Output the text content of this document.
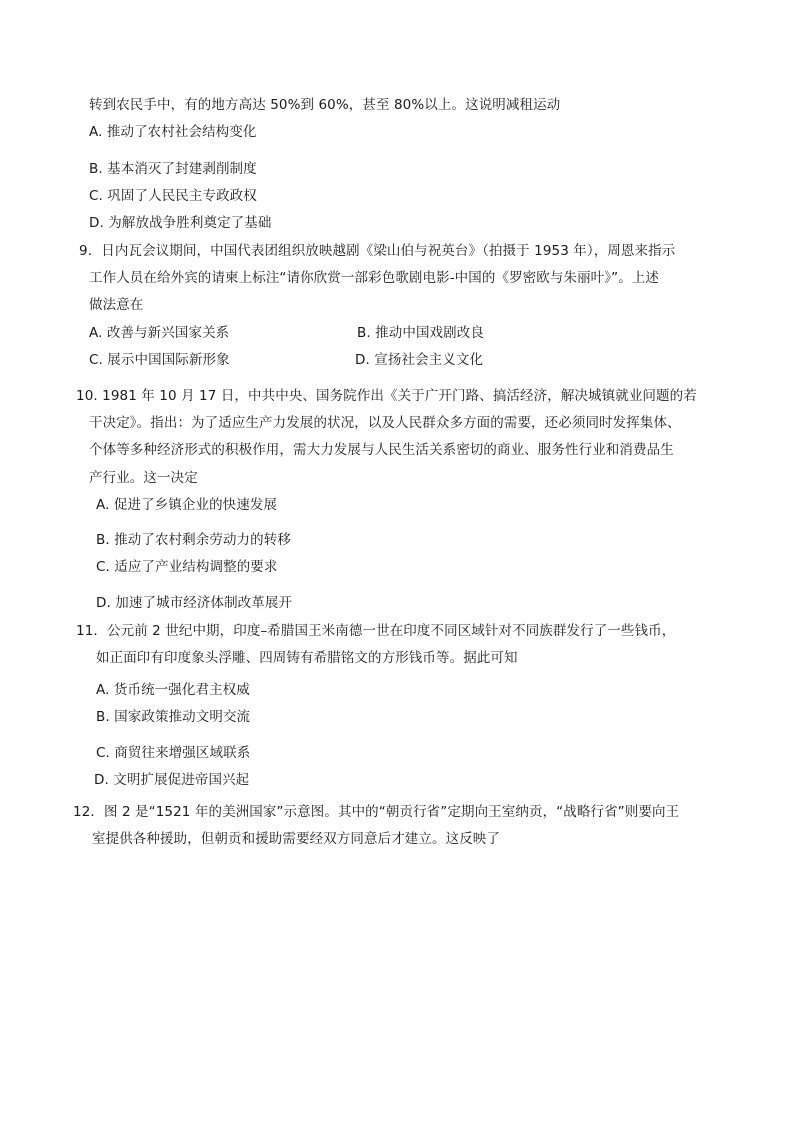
转到农民手中，有的地方高达 50%到 60%，甚至 80%以上。这说明减租运动
A. 推动了农村社会结构变化
B. 基本消灭了封建剥削制度
C. 巩固了人民民主专政政权
D. 为解放战争胜利奠定了基础
9．日内瓦会议期间，中国代表团组织放映越剧《梁山伯与祝英台》（拍摄于 1953 年），周恩来指示
工作人员在给外宾的请柬上标注“请你欣赏一部彩色歌剧电影-中国的《罗密欧与朱丽叶》”。上述
做法意在
A. 改善与新兴国家关系	B. 推动中国戏剧改良
C. 展示中国国际新形象	D. 宣扬社会主义文化
10. 1981 年 10 月 17 日，中共中央、国务院作出《关于广开门路、搞活经济，解决城镇就业问题的若
干决定》。指出：为了适应生产力发展的状况，以及人民群众多方面的需要，还必须同时发挥集体、
个体等多种经济形式的积极作用，需大力发展与人民生活关系密切的商业、服务性行业和消费品生
产行业。这一决定
A. 促进了乡镇企业的快速发展
B. 推动了农村剩余劳动力的转移
C. 适应了产业结构调整的要求
D. 加速了城市经济体制改革展开
11．公元前 2 世纪中期，印度–希腊国王米南德一世在印度不同区域针对不同族群发行了一些钱币，
如正面印有印度象头浮雕、四周铸有希腊铭文的方形钱币等。据此可知
A. 货币统一强化君主权威
B. 国家政策推动文明交流
C. 商贸往来增强区域联系
D. 文明扩展促进帝国兴起
12．图 2 是“1521 年的美洲国家”示意图。其中的“朝贡行省”定期向王室纳贡，“战略行省”则要向王
室提供各种援助，但朝贡和援助需要经双方同意后才建立。这反映了
